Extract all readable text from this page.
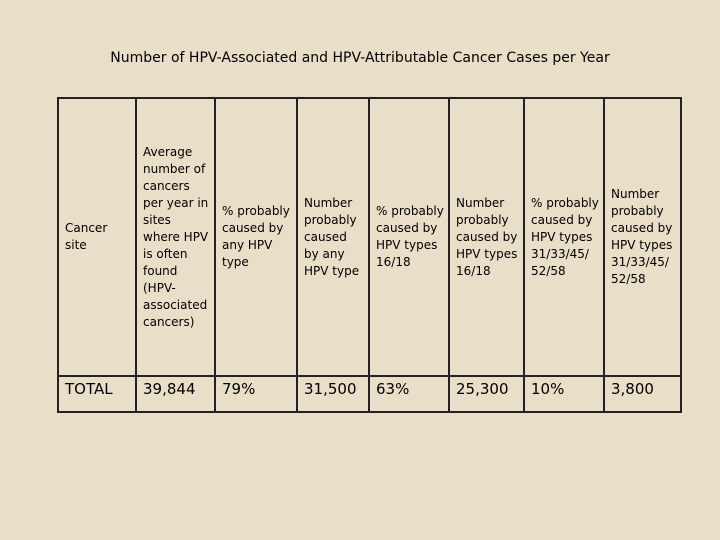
Number of HPV-Associated and HPV-Attributable Cancer Cases per Year
Cancer site	Average number of cancers per year in sites where HPV is often found (HPV-associated cancers)	% probably caused by any HPV type	Number probably caused by any HPV type	% probably caused by HPV types 16/18	Number probably caused by HPV types 16/18	% probably caused by HPV types 31/33/45/ 52/58	Number probably caused by HPV types 31/33/45/ 52/58
TOTAL	39,844	79%	31,500	63%	25,300	10%	3,800
